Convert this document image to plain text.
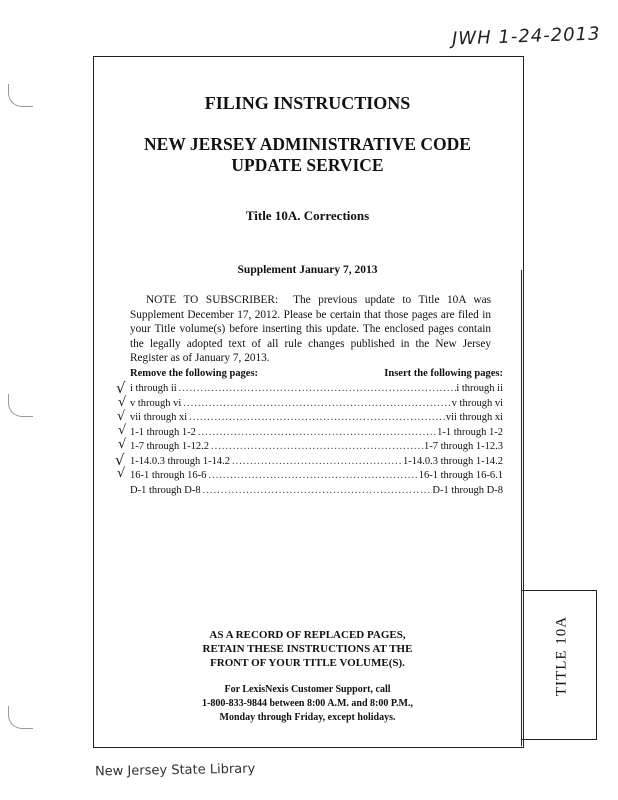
JWH 1-24-2013
TITLE 10A
FILING INSTRUCTIONS
NEW JERSEY ADMINISTRATIVE CODE
UPDATE SERVICE
Title 10A. Corrections
Supplement January 7, 2013
NOTE TO SUBSCRIBER: The previous update to Title 10A was Supplement December 17, 2012. Please be certain that those pages are filed in your Title volume(s) before inserting this update. The enclosed pages contain the legally adopted text of all rule changes published in the New Jersey Register as of January 7, 2013.
Remove the following pages:	Insert the following pages:
√
√
√
√
√
√
√
i through ii .....	i through ii
v through vi .....	v through vi
vii through xi .....	vii through xi
1-1 through 1-2 .....	1-1 through 1-2
1-7 through 1-12.2 .....	1-7 through 1-12.3
1-14.0.3 through 1-14.2 .....	1-14.0.3 through 1-14.2
16-1 through 16-6 .....	16-1 through 16-6.1
D-1 through D-8 .....	D-1 through D-8
AS A RECORD OF REPLACED PAGES,
RETAIN THESE INSTRUCTIONS AT THE
FRONT OF YOUR TITLE VOLUME(S).
For LexisNexis Customer Support, call
1-800-833-9844 between 8:00 A.M. and 8:00 P.M.,
Monday through Friday, except holidays.
New Jersey State Library
